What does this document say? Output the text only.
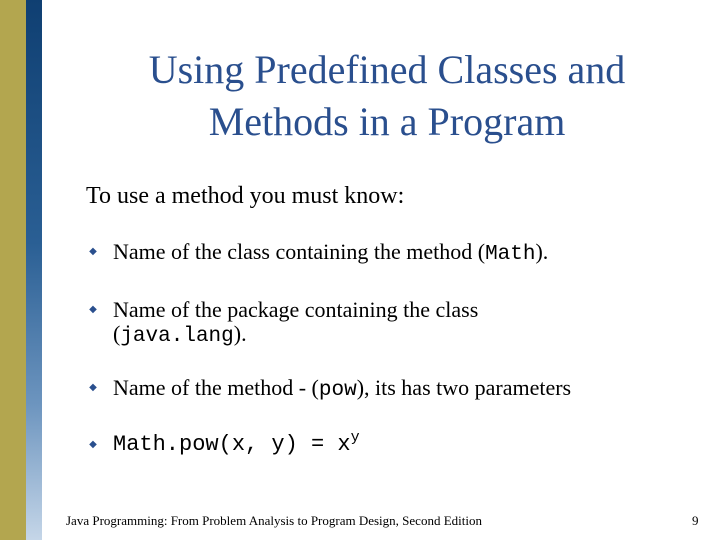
Using Predefined Classes and
Methods in a Program
To use a method you must know:
◆ Name of the class containing the method (Math).
◆ Name of the package containing the class
(java.lang).
◆ Name of the method - (pow), its has two parameters
◆ Math.pow(x, $y) = x^y$
Java Programming: From Problem Analysis to Program Design, Second Edition	9
